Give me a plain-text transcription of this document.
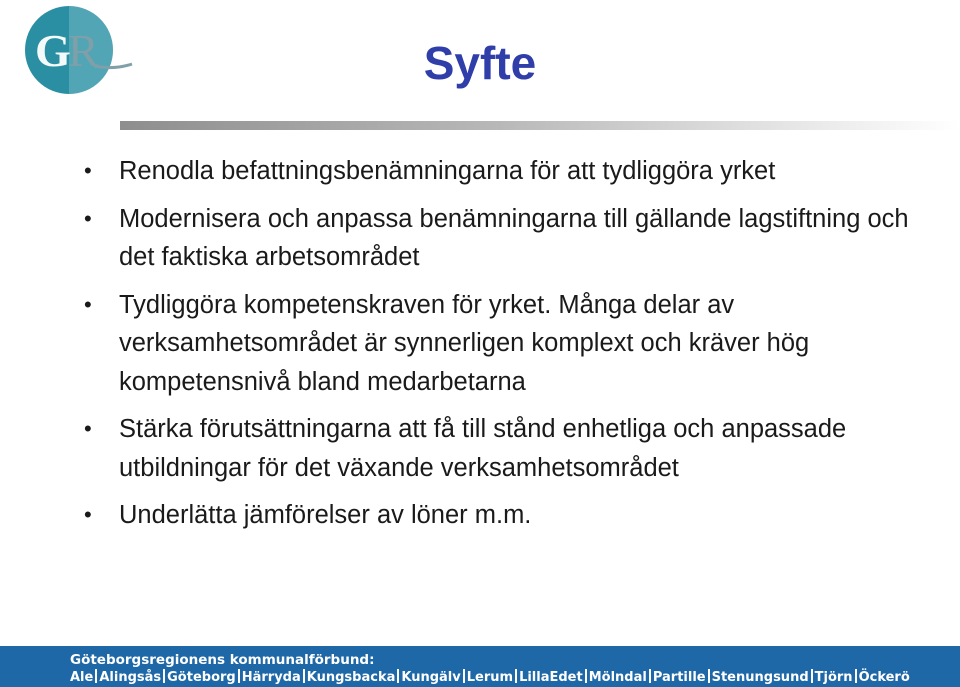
G
R	Syfte
• Renodla befattningsbenämningarna för att tydliggöra yrket
• Modernisera och anpassa benämningarna till gällande lagstiftning och det faktiska arbetsområdet
• Tydliggöra kompetenskraven för yrket. Många delar av verksamhetsområdet är synnerligen komplext och kräver hög kompetensnivå bland medarbetarna
• Stärka förutsättningarna att få till stånd enhetliga och anpassade utbildningar för det växande verksamhetsområdet
• Underlätta jämförelser av löner m.m.
Göteborgsregionens kommunalförbund:
Ale Alingsås Göteborg Härryda Kungsbacka Kungälv Lerum LillaEdet Mölndal Partille Stenungsund Tjörn Öckerö
